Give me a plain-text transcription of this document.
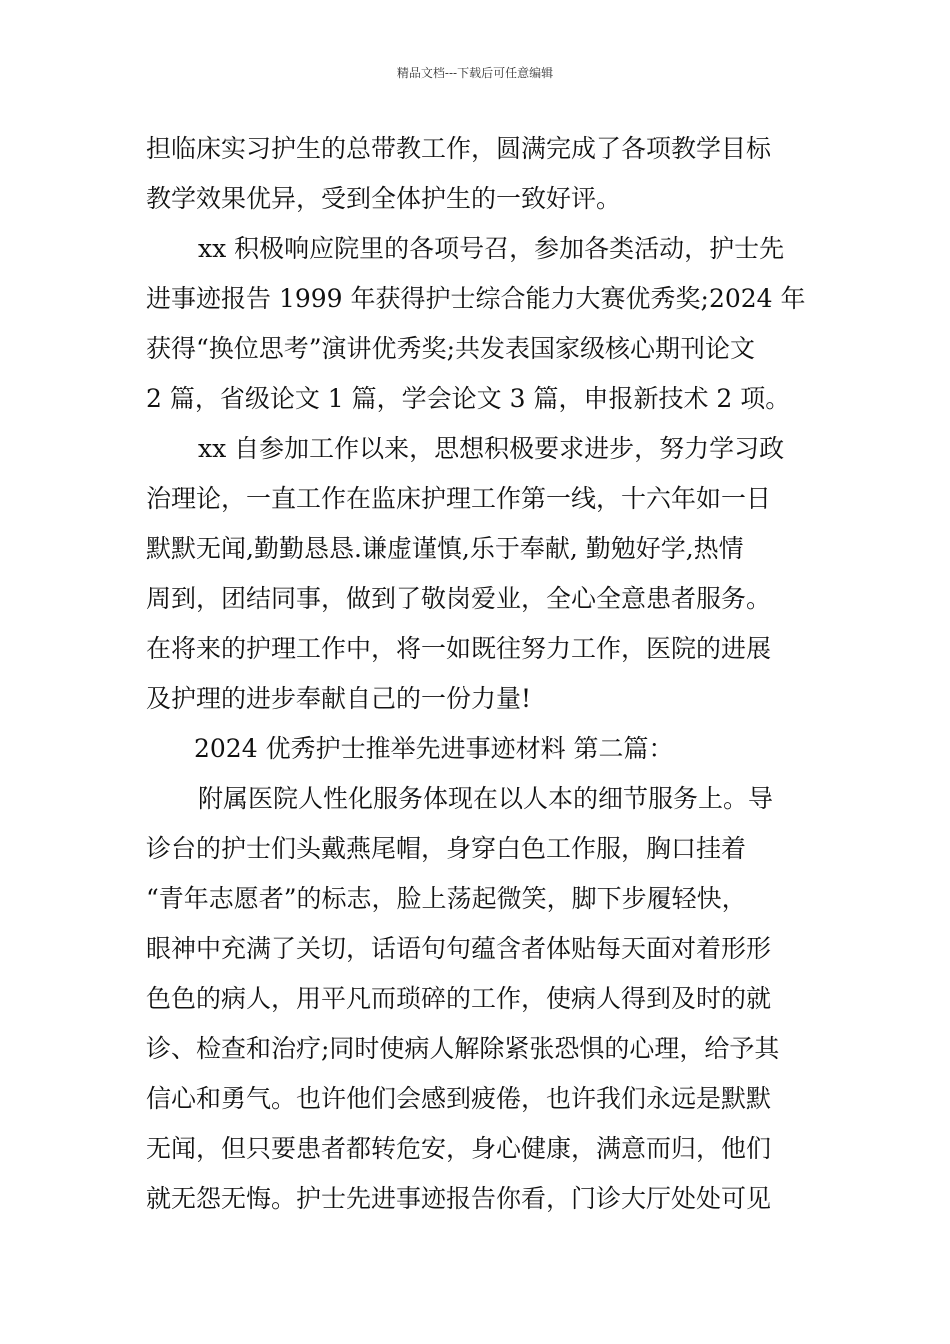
精品文档---下载后可任意编辑
担临床实习护生的总带教工作，圆满完成了各项教学目标
教学效果优异，受到全体护生的一致好评。
xx 积极响应院里的各项号召，参加各类活动，护士先
进事迹报告 1999 年获得护士综合能力大赛优秀奖;2024 年
获得“换位思考”演讲优秀奖;共发表国家级核心期刊论文
2 篇，省级论文 1 篇，学会论文 3 篇，申报新技术 2 项。
xx 自参加工作以来，思想积极要求进步，努力学习政
治理论，一直工作在监床护理工作第一线，十六年如一日
默默无闻,勤勤恳恳.谦虚谨慎,乐于奉献, 勤勉好学,热情
周到，团结同事，做到了敬岗爱业，全心全意患者服务。
在将来的护理工作中，将一如既往努力工作，医院的进展
及护理的进步奉献自己的一份力量!
2024 优秀护士推举先进事迹材料 第二篇：
附属医院人性化服务体现在以人本的细节服务上。导
诊台的护士们头戴燕尾帽，身穿白色工作服，胸口挂着
“青年志愿者”的标志，脸上荡起微笑，脚下步履轻快，
眼神中充满了关切，话语句句蕴含者体贴每天面对着形形
色色的病人，用平凡而琐碎的工作，使病人得到及时的就
诊、检查和治疗;同时使病人解除紧张恐惧的心理，给予其
信心和勇气。也许他们会感到疲倦，也许我们永远是默默
无闻，但只要患者都转危安，身心健康，满意而归，他们
就无怨无悔。护士先进事迹报告你看，门诊大厅处处可见
